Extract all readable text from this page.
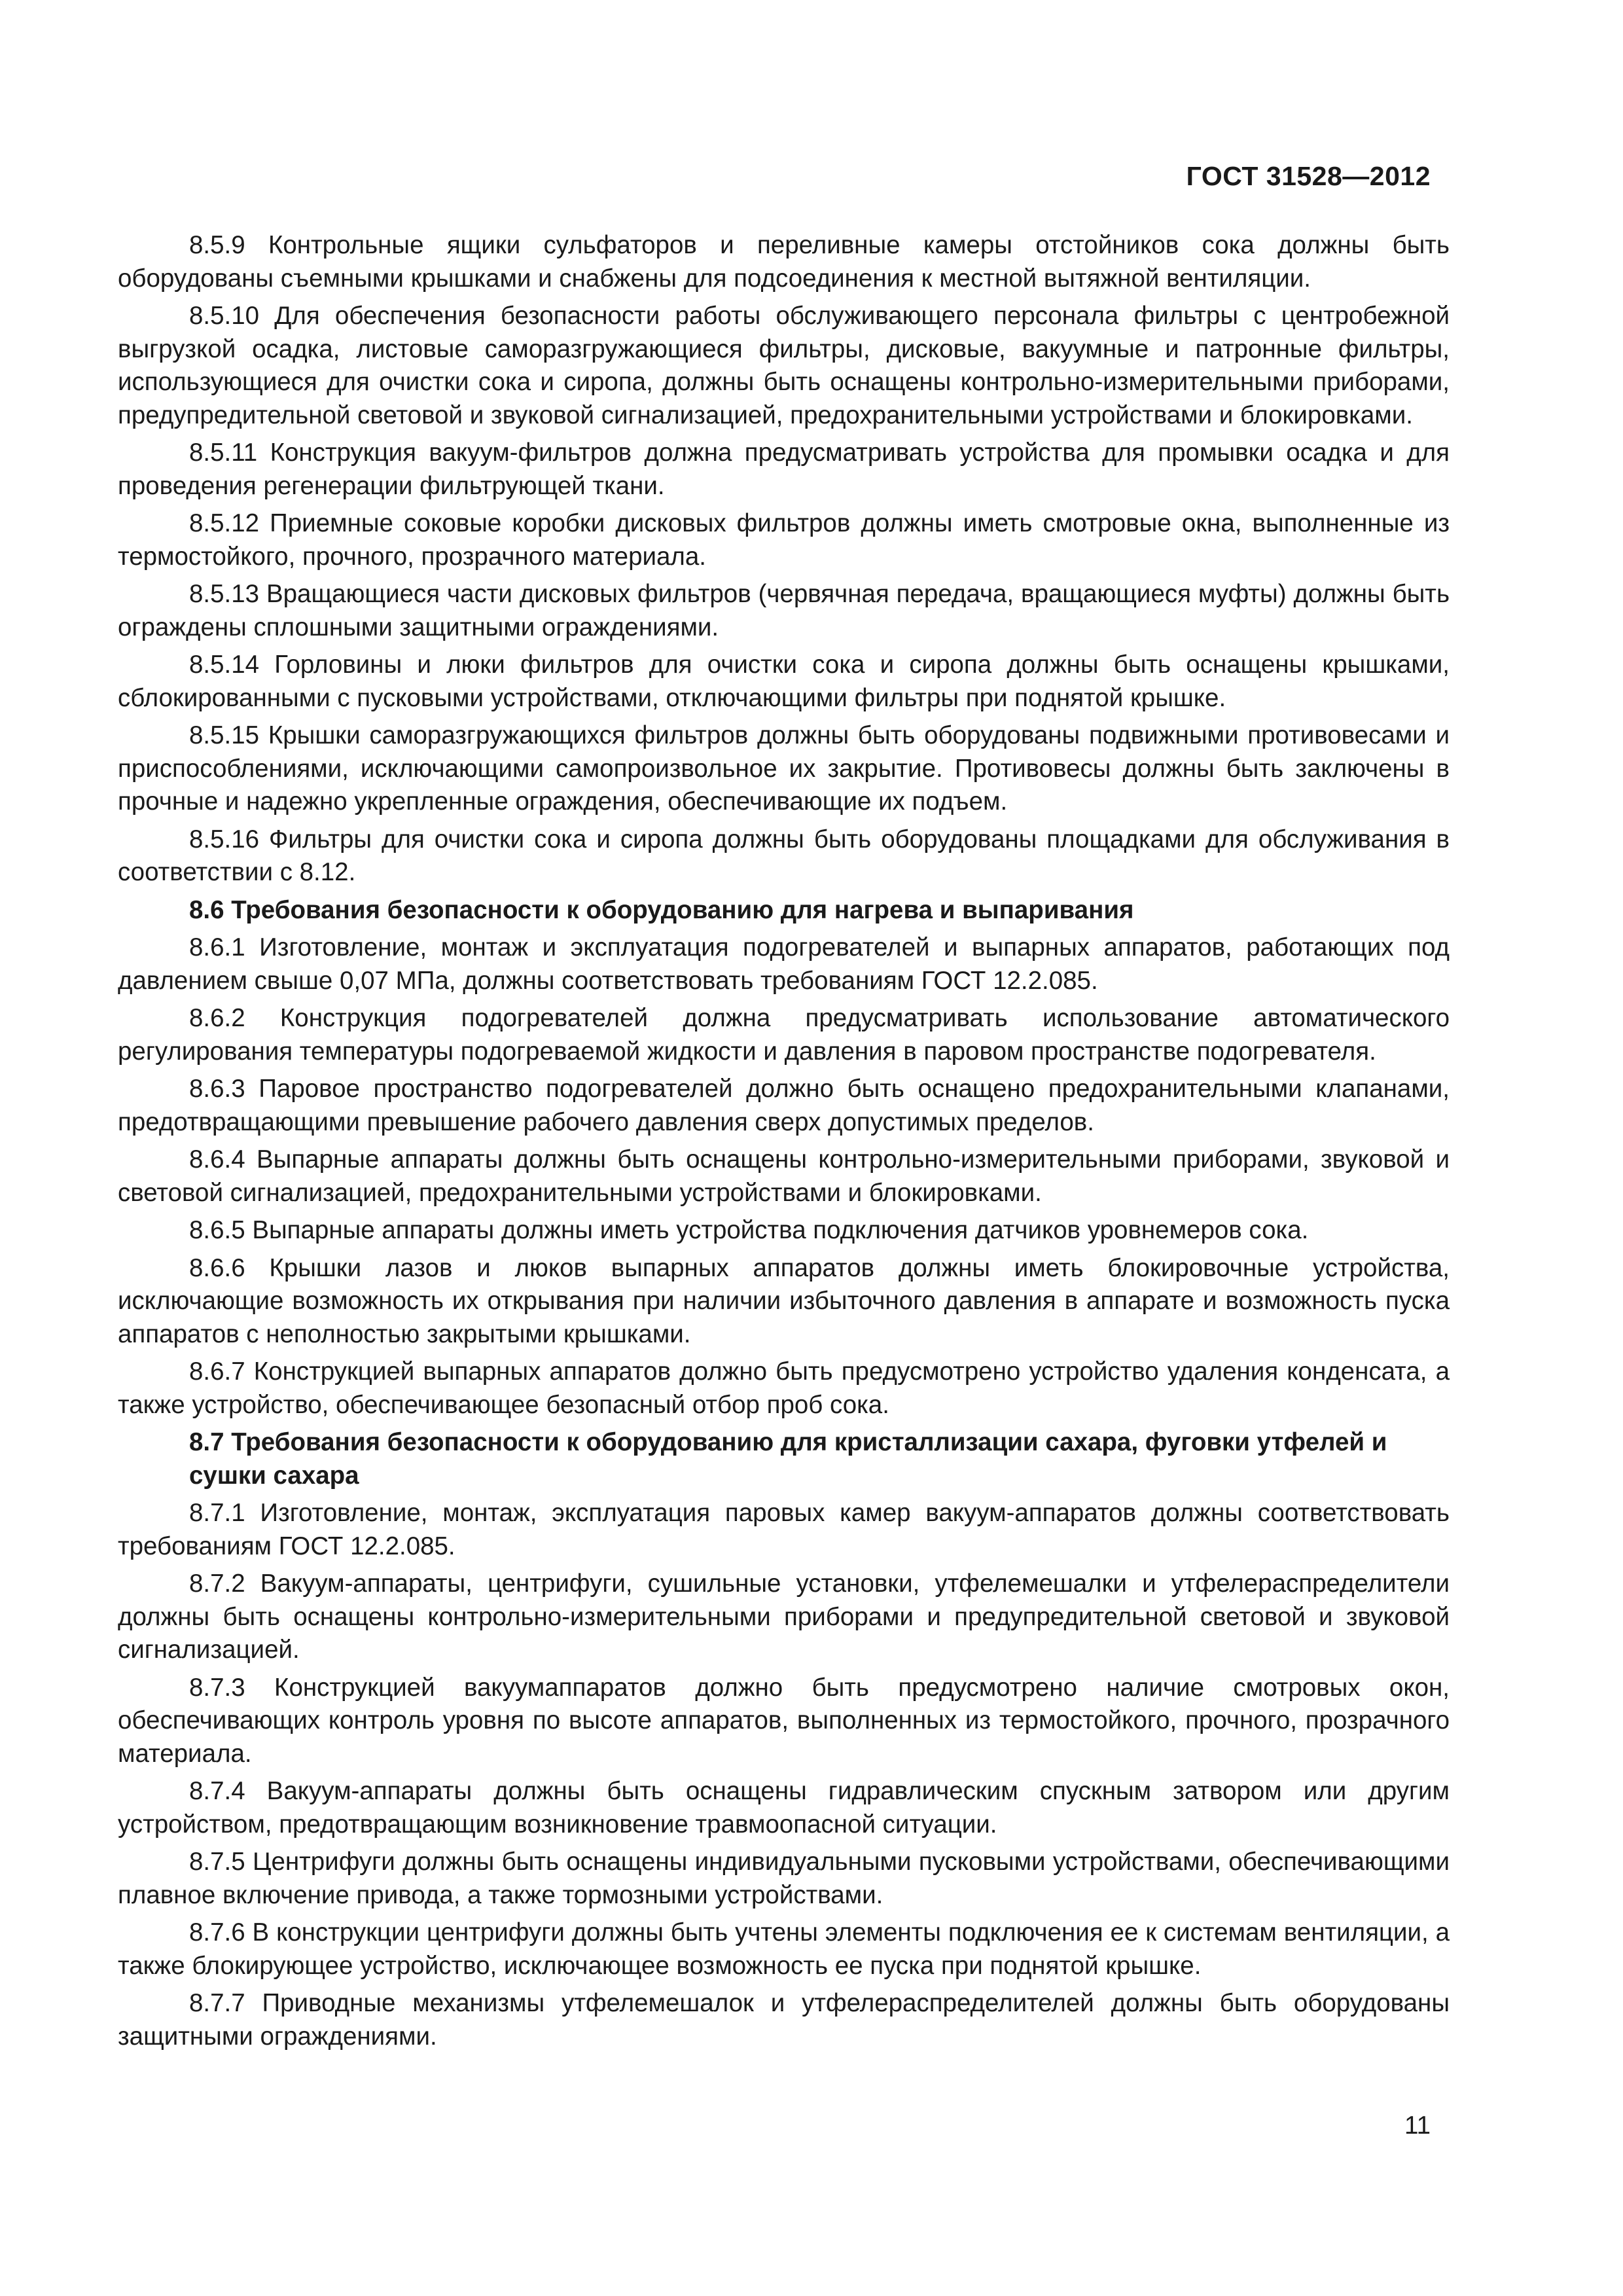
ГОСТ 31528—2012

8.5.9 Контрольные ящики сульфаторов и переливные камеры отстойников сока должны быть оборудованы съемными крышками и снабжены для подсоединения к местной вытяжной вентиляции.

8.5.10 Для обеспечения безопасности работы обслуживающего персонала фильтры с центробежной выгрузкой осадка, листовые саморазгружающиеся фильтры, дисковые, вакуумные и патронные фильтры, использующиеся для очистки сока и сиропа, должны быть оснащены контрольно-измерительными приборами, предупредительной световой и звуковой сигнализацией, предохранительными устройствами и блокировками.

8.5.11 Конструкция вакуум-фильтров должна предусматривать устройства для промывки осадка и для проведения регенерации фильтрующей ткани.

8.5.12 Приемные соковые коробки дисковых фильтров должны иметь смотровые окна, выполненные из термостойкого, прочного, прозрачного материала.

8.5.13 Вращающиеся части дисковых фильтров (червячная передача, вращающиеся муфты) должны быть ограждены сплошными защитными ограждениями.

8.5.14 Горловины и люки фильтров для очистки сока и сиропа должны быть оснащены крышками, сблокированными с пусковыми устройствами, отключающими фильтры при поднятой крышке.

8.5.15 Крышки саморазгружающихся фильтров должны быть оборудованы подвижными противовесами и приспособлениями, исключающими самопроизвольное их закрытие. Противовесы должны быть заключены в прочные и надежно укрепленные ограждения, обеспечивающие их подъем.

8.5.16 Фильтры для очистки сока и сиропа должны быть оборудованы площадками для обслуживания в соответствии с 8.12.

8.6 Требования безопасности к оборудованию для нагрева и выпаривания

8.6.1 Изготовление, монтаж и эксплуатация подогревателей и выпарных аппаратов, работающих под давлением свыше 0,07 МПа, должны соответствовать требованиям ГОСТ 12.2.085.

8.6.2 Конструкция подогревателей должна предусматривать использование автоматического регулирования температуры подогреваемой жидкости и давления в паровом пространстве подогревателя.

8.6.3 Паровое пространство подогревателей должно быть оснащено предохранительными клапанами, предотвращающими превышение рабочего давления сверх допустимых пределов.

8.6.4 Выпарные аппараты должны быть оснащены контрольно-измерительными приборами, звуковой и световой сигнализацией, предохранительными устройствами и блокировками.

8.6.5 Выпарные аппараты должны иметь устройства подключения датчиков уровнемеров сока.

8.6.6 Крышки лазов и люков выпарных аппаратов должны иметь блокировочные устройства, исключающие возможность их открывания при наличии избыточного давления в аппарате и возможность пуска аппаратов с неполностью закрытыми крышками.

8.6.7 Конструкцией выпарных аппаратов должно быть предусмотрено устройство удаления конденсата, а также устройство, обеспечивающее безопасный отбор проб сока.

8.7 Требования безопасности к оборудованию для кристаллизации сахара, фуговки утфелей и сушки сахара

8.7.1 Изготовление, монтаж, эксплуатация паровых камер вакуум-аппаратов должны соответствовать требованиям ГОСТ 12.2.085.

8.7.2 Вакуум-аппараты, центрифуги, сушильные установки, утфелемешалки и утфелераспределители должны быть оснащены контрольно-измерительными приборами и предупредительной световой и звуковой сигнализацией.

8.7.3 Конструкцией вакуумаппаратов должно быть предусмотрено наличие смотровых окон, обеспечивающих контроль уровня по высоте аппаратов, выполненных из термостойкого, прочного, прозрачного материала.

8.7.4 Вакуум-аппараты должны быть оснащены гидравлическим спускным затвором или другим устройством, предотвращающим возникновение травмоопасной ситуации.

8.7.5 Центрифуги должны быть оснащены индивидуальными пусковыми устройствами, обеспечивающими плавное включение привода, а также тормозными устройствами.

8.7.6 В конструкции центрифуги должны быть учтены элементы подключения ее к системам вентиляции, а также блокирующее устройство, исключающее возможность ее пуска при поднятой крышке.

8.7.7 Приводные механизмы утфелемешалок и утфелераспределителей должны быть оборудованы защитными ограждениями.

11
